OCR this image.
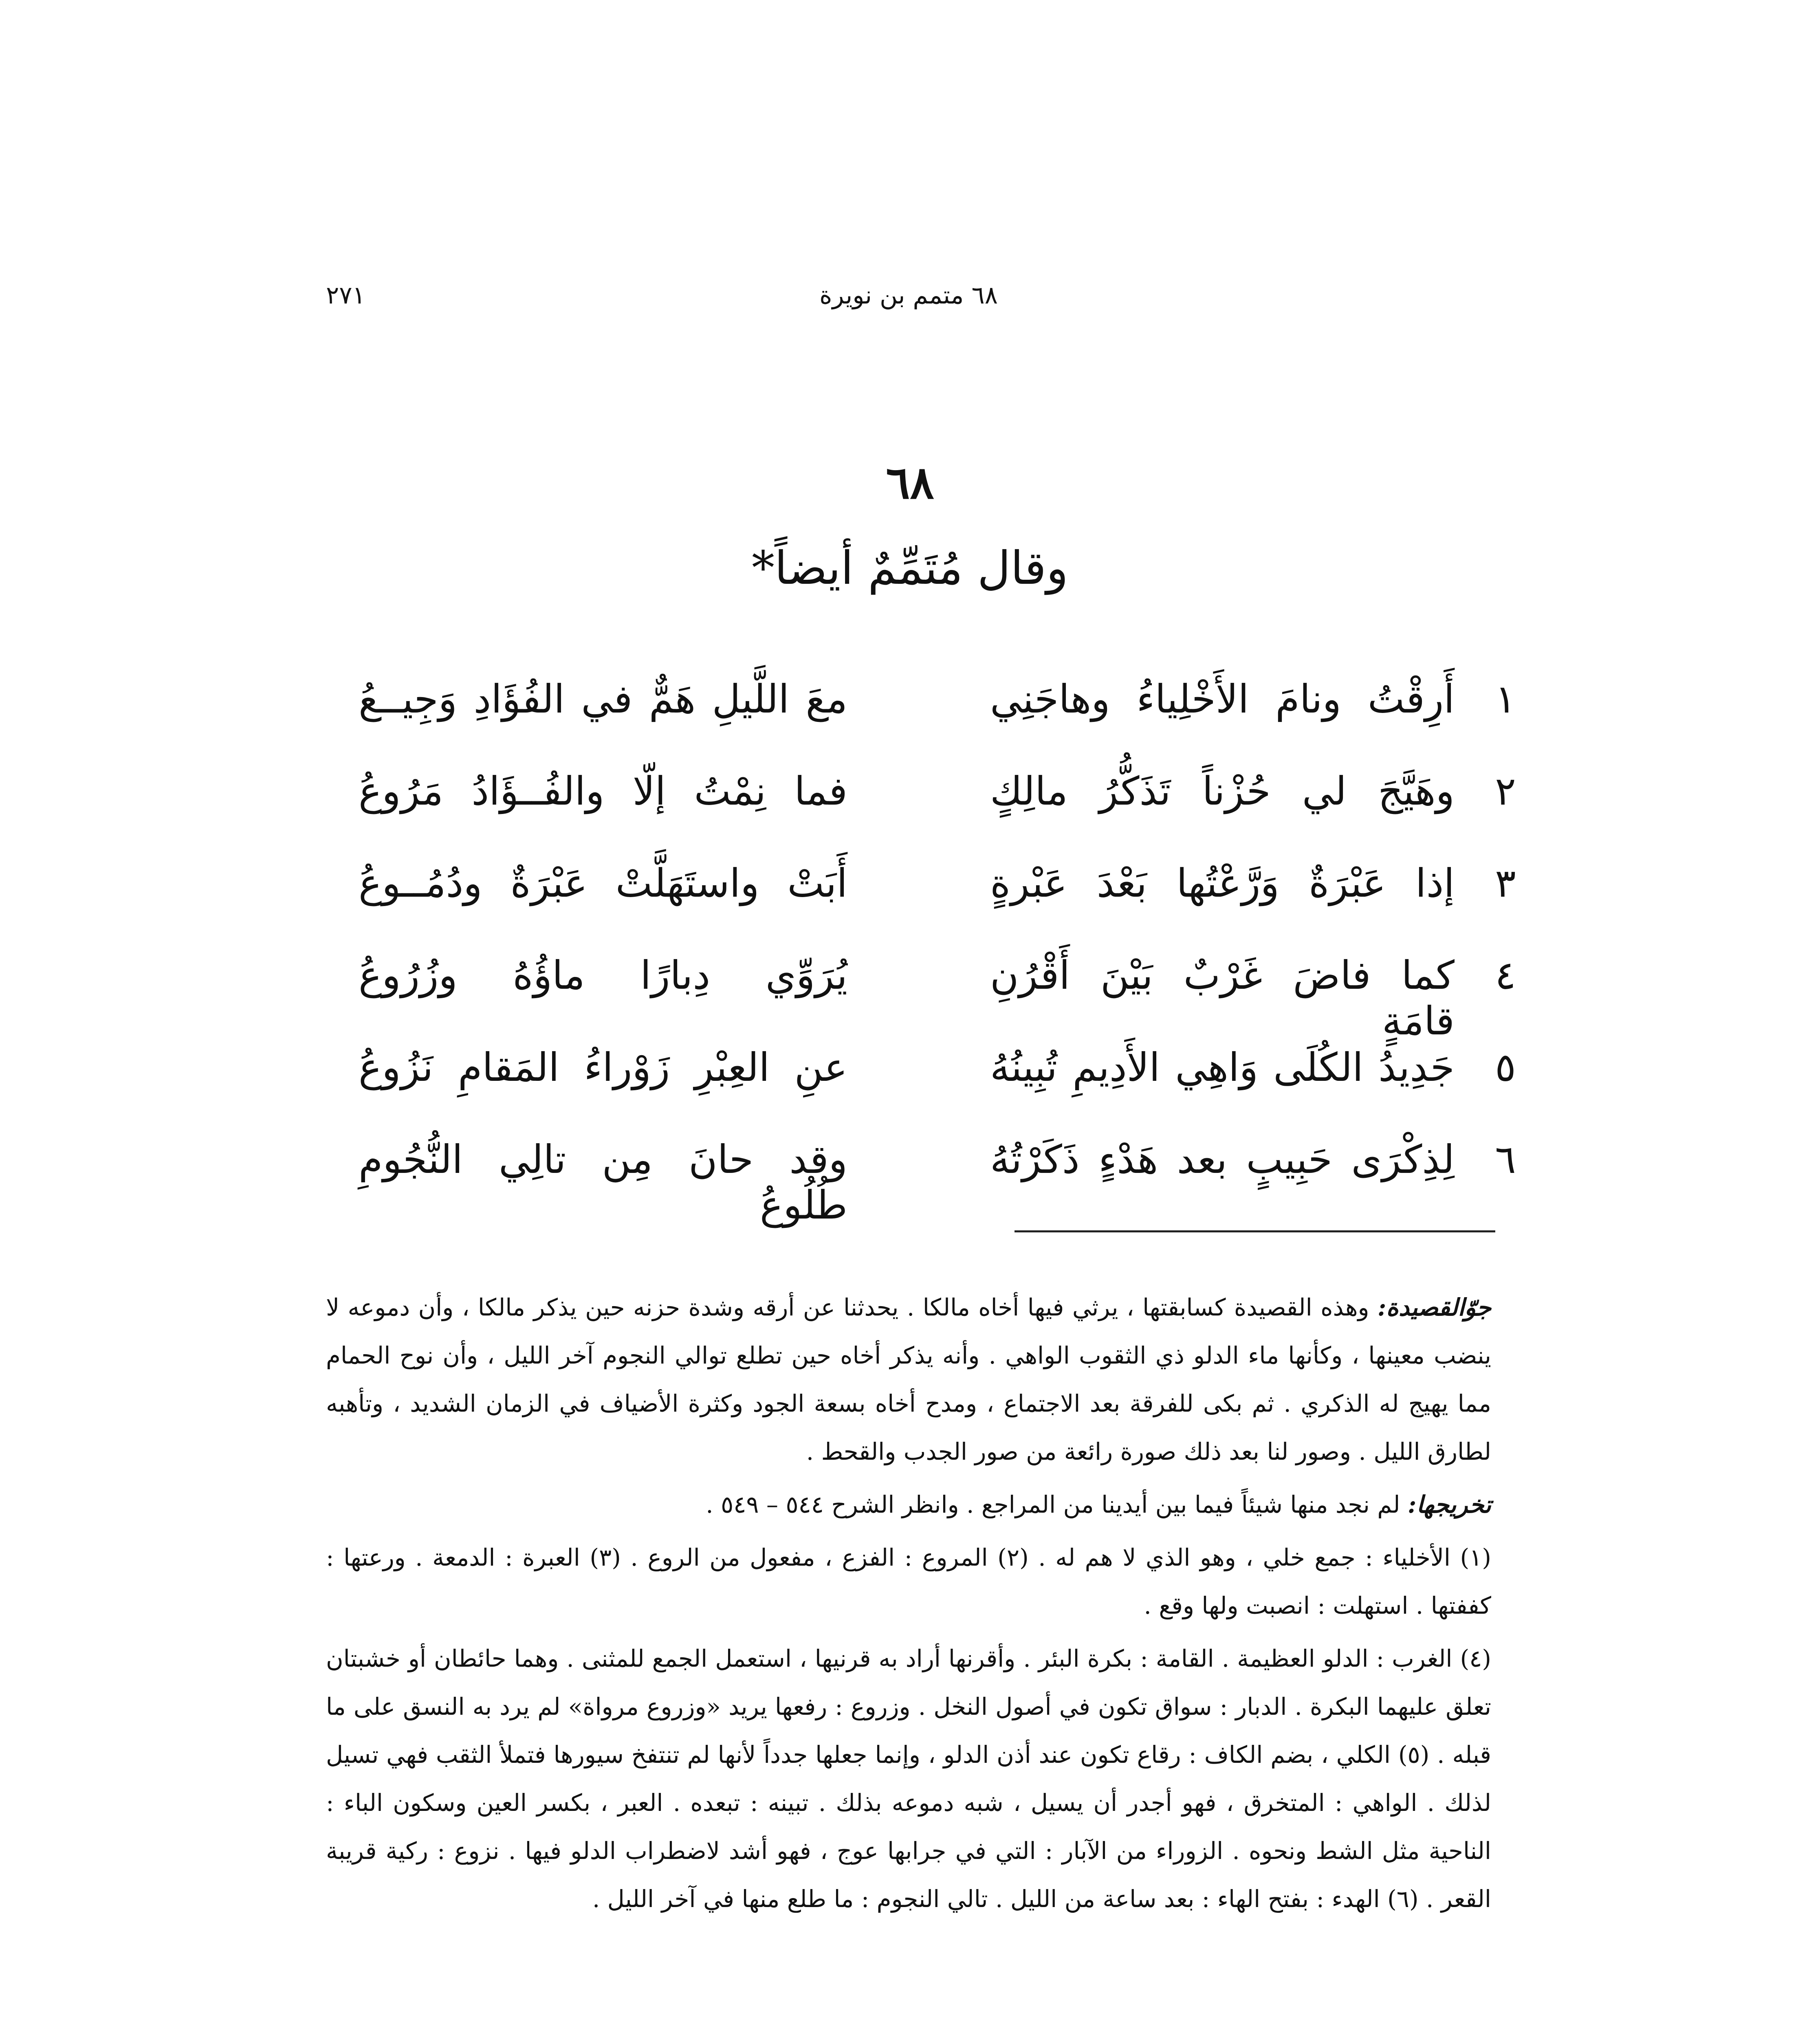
٦٨ متمم بن نويرة
٢٧١
٦٨
وقال مُتَمِّمٌ أيضاً*
١
أَرِقْتُ ونامَ الأَخْلِياءُ وهاجَنِي
معَ اللَّيلِ هَمٌّ في الفُؤَادِ وَجِيــعُ
٢
وهَيَّجَ لي حُزْناً تَذَكُّرُ مالِكٍ
فما نِمْتُ إلّا والفُــؤَادُ مَرُوعُ
٣
إذا عَبْرَةٌ وَرَّعْتُها بَعْدَ عَبْرةٍ
أَبَتْ واستَهَلَّتْ عَبْرَةٌ ودُمُــوعُ
٤
كما فاضَ غَرْبٌ بَيْنَ أَقْرُنِ قامَةٍ
يُرَوِّي دِبارًا ماؤُهُ وزُرُوعُ
٥
جَدِيدُ الكُلَى وَاهِي الأَدِيمِ تُبِينُهُ
عنِ العِبْرِ زَوْراءُ المَقامِ نَزُوعُ
٦
لِذِكْرَى حَبِيبٍ بعد هَدْءٍ ذَكَرْتُهُ
وقد حانَ مِن تالِي النُّجُومِ طُلُوعُ

جوّالقصيدة: وهذه القصيدة كسابقتها ، يرثي فيها أخاه مالكا . يحدثنا عن أرقه وشدة حزنه حين يذكر مالكا ، وأن دموعه لا ينضب معينها ، وكأنها ماء الدلو ذي الثقوب الواهي . وأنه يذكر أخاه حين تطلع توالي النجوم آخر الليل ، وأن نوح الحمام مما يهيج له الذكري . ثم بكى للفرقة بعد الاجتماع ، ومدح أخاه بسعة الجود وكثرة الأضياف في الزمان الشديد ، وتأهبه لطارق الليل . وصور لنا بعد ذلك صورة رائعة من صور الجدب والقحط .

تخريجها: لم نجد منها شيئاً فيما بين أيدينا من المراجع . وانظر الشرح ٥٤٤ – ٥٤٩ .

(١) الأخلياء : جمع خلي ، وهو الذي لا هم له . (٢) المروع : الفزع ، مفعول من الروع . (٣) العبرة : الدمعة . ورعتها : كففتها . استهلت : انصبت ولها وقع .

(٤) الغرب : الدلو العظيمة . القامة : بكرة البئر . وأقرنها أراد به قرنيها ، استعمل الجمع للمثنى . وهما حائطان أو خشبتان تعلق عليهما البكرة . الدبار : سواق تكون في أصول النخل . وزروع : رفعها يريد «وزروع مرواة» لم يرد به النسق على ما قبله . (٥) الكلي ، بضم الكاف : رقاع تكون عند أذن الدلو ، وإنما جعلها جدداً لأنها لم تنتفخ سيورها فتملأ الثقب فهي تسيل لذلك . الواهي : المتخرق ، فهو أجدر أن يسيل ، شبه دموعه بذلك . تبينه : تبعده . العبر ، بكسر العين وسكون الباء : الناحية مثل الشط ونحوه . الزوراء من الآبار : التي في جرابها عوج ، فهو أشد لاضطراب الدلو فيها . نزوع : ركية قريبة القعر . (٦) الهدء : بفتح الهاء : بعد ساعة من الليل . تالي النجوم : ما طلع منها في آخر الليل .
